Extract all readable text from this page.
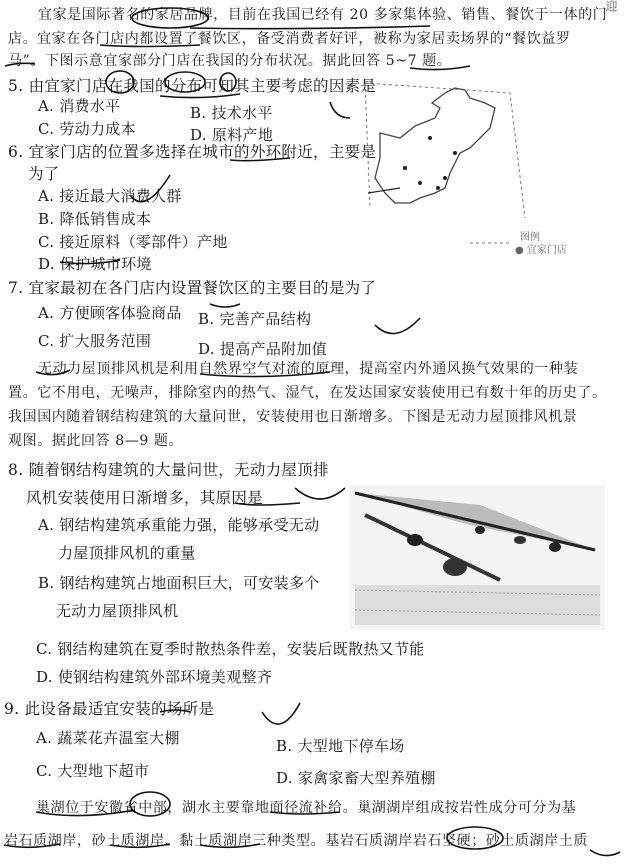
迎
宜家是国际著名的家居品牌，目前在我国已经有 20 多家集体验、销售、餐饮于一体的门
店。宜家在各门店内都设置了餐饮区，备受消费者好评，被称为家居卖场界的“餐饮益罗
马”。下图示意宜家部分门店在我国的分布状况。据此回答 5~7 题。
图例
● 宜家门店
5. 由宜家门店在我国的分布可知其主要考虑的因素是
A. 消费水平	B. 技术水平
C. 劳动力成本	D. 原料产地
6. 宜家门店的位置多选择在城市的外环附近，主要是
为了
A. 接近最大消费人群
B. 降低销售成本
C. 接近原料（零部件）产地
D. 保护城市环境
7. 宜家最初在各门店内设置餐饮区的主要目的是为了
A. 方便顾客体验商品 B. 完善产品结构
C. 扩大服务范围	D. 提高产品附加值
无动力屋顶排风机是利用自然界空气对流的原理，提高室内外通风换气效果的一种装
置。它不用电，无噪声，排除室内的热气、湿气，在发达国家安装使用已有数十年的历史了。
我国国内随着钢结构建筑的大量问世，安装使用也日渐增多。下图是无动力屋顶排风机景
观图。据此回答 8—9 题。
8. 随着钢结构建筑的大量问世，无动力屋顶排
风机安装使用日渐增多，其原因是
A. 钢结构建筑承重能力强，能够承受无动
力屋顶排风机的重量
B. 钢结构建筑占地面积巨大，可安装多个
无动力屋顶排风机
C. 钢结构建筑在夏季时散热条件差，安装后既散热又节能
D. 使钢结构建筑外部环境美观整齐
9. 此设备最适宜安装的场所是
A. 蔬菜花卉温室大棚	B. 大型地下停车场
C. 大型地下超市	D. 家禽家畜大型养殖棚
巢湖位于安徽省中部，湖水主要靠地面径流补给。巢湖湖岸组成按岩性成分可分为基
岩石质湖岸，砂土质湖岸、黏土质湖岸三种类型。基岩石质湖岸岩石坚硬；砂土质湖岸土质
